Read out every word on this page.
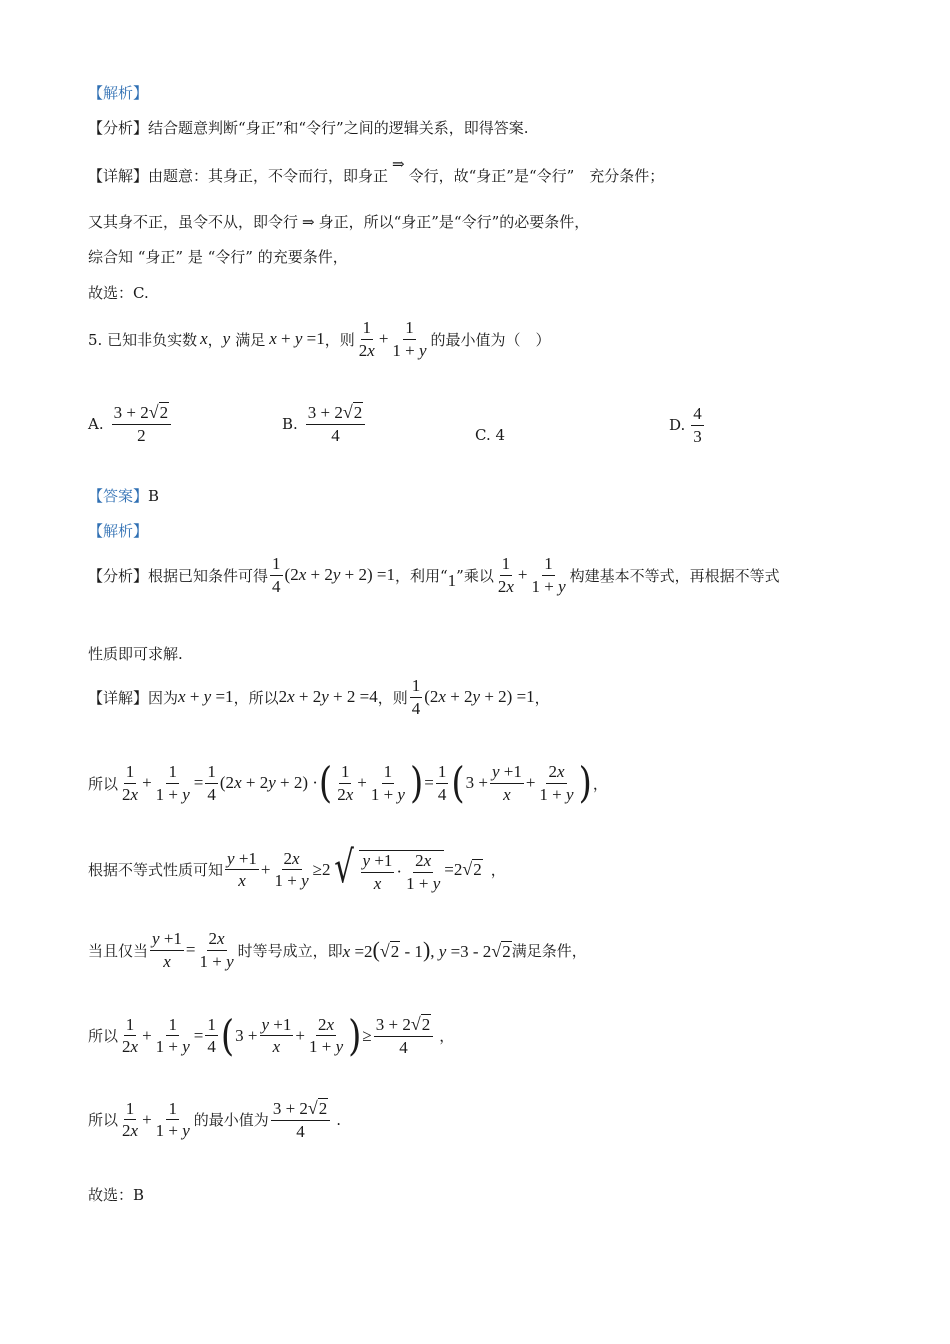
【解析】
【分析】 结合题意判断“身正”和“令行”之间的逻辑关系，即得答案.
【详解】 由题意：其身正，不令而行，即身正
⇒
令行，故“身正”是“令行”　充分条件；
又其身不正，虽令不从，即令行 ⇒ 身正，所以“身正”是“令行”的必要条件，
综合知 “身正” 是 “令行” 的充要条件，
故选：C.
5. 已知非负实数 x ， y 满足 x + y =1 ，则 $\frac{1}{2x} + \frac{1}{1 + y}$ 的最小值为（　）
A. $\frac{3 + 2 √ 2}{2}$	B. $\frac{3 + 2 √ 2}{4}$	C. 4
D. $\frac{4}{3}$
【答案】 B
【解析】
【分析】 根据已知条件可得 $\frac{1}{4} (2x + 2y + 2) =1$ ，利用“ 1 ”乘以 $\frac{1}{2x} + \frac{1}{1 + y}$ 构建基本不等式，再根据不等式
性质即可求解.
【详解】 因为 x + y =1 ，所以 2x + 2y + 2 =4 ，则 $\frac{1}{4} (2x + 2y + 2) =1$ ，
所以 $\frac{1}{2x} + \frac{1}{1 + y} = \frac{1}{4} (2x + 2y + 2)$ · ( $\frac{1}{2x} + \frac{1}{1 + y}$ ) = $\frac{1}{4}$ ( $3 + \frac{y +1}{x} + \frac{2x}{1 + y}$ ) ，
根据不等式性质可知 $\frac{y +1}{x} + \frac{2x}{1 + y} \ge 2$ √ $\frac{y +1}{x} \cdot \frac{2x}{1 + y} =2$ √ 2 ，
当且仅当 $\frac{y +1}{x} = \frac{2x}{1 + y}$ 时等号成立，即 x =2( √ 2 - 1), y =3 - 2 √ 2 满足条件，
所以 $\frac{1}{2x} + \frac{1}{1 + y} = \frac{1}{4}$ ( $3 + \frac{y +1}{x} + \frac{2x}{1 + y}$ ) ≥ $\frac{3 + 2 √ 2}{4}$ ，
所以 $\frac{1}{2x} + \frac{1}{1 + y}$ 的最小值为 $\frac{3 + 2 √ 2}{4}$ .
故选：B
